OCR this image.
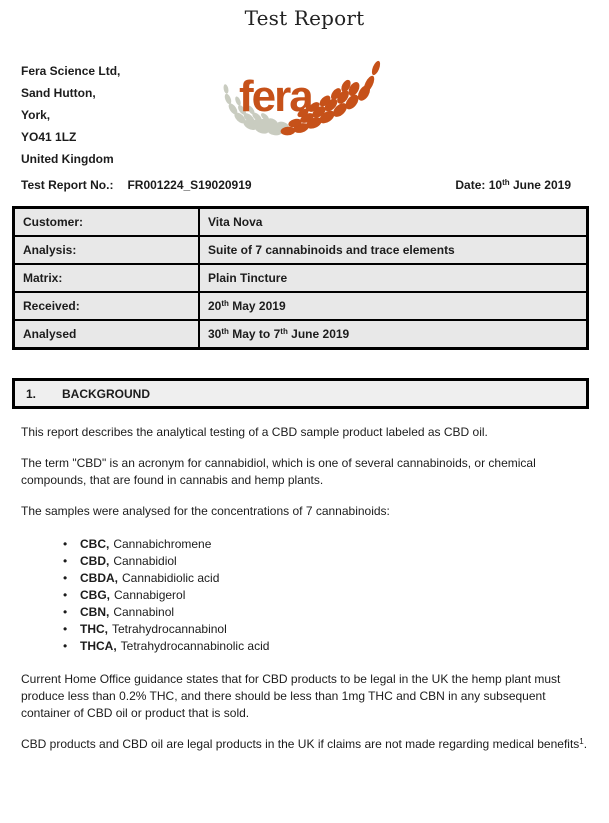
Test Report
Fera Science Ltd,
Sand Hutton,
York,
YO41 1LZ
United Kingdom
fera
Test Report No.: FR001224_S19020919	Date: 10th June 2019
Customer:	Vita Nova
Analysis:	Suite of 7 cannabinoids and trace elements
Matrix:	Plain Tincture
Received:	20th May 2019
Analysed	30th May to 7th June 2019
1.	BACKGROUND

This report describes the analytical testing of a CBD sample product labeled as CBD oil.

The term "CBD" is an acronym for cannabidiol, which is one of several cannabinoids, or chemical compounds, that are found in cannabis and hemp plants.

The samples were analysed for the concentrations of 7 cannabinoids:

• CBC, Cannabichromene
• CBD, Cannabidiol
• CBDA, Cannabidiolic acid
• CBG, Cannabigerol
• CBN, Cannabinol
• THC, Tetrahydrocannabinol
• THCA, Tetrahydrocannabinolic acid

Current Home Office guidance states that for CBD products to be legal in the UK the hemp plant must produce less than 0.2% THC, and there should be less than 1mg THC and CBN in any subsequent container of CBD oil or product that is sold.

CBD products and CBD oil are legal products in the UK if claims are not made regarding medical benefits$^1$.
